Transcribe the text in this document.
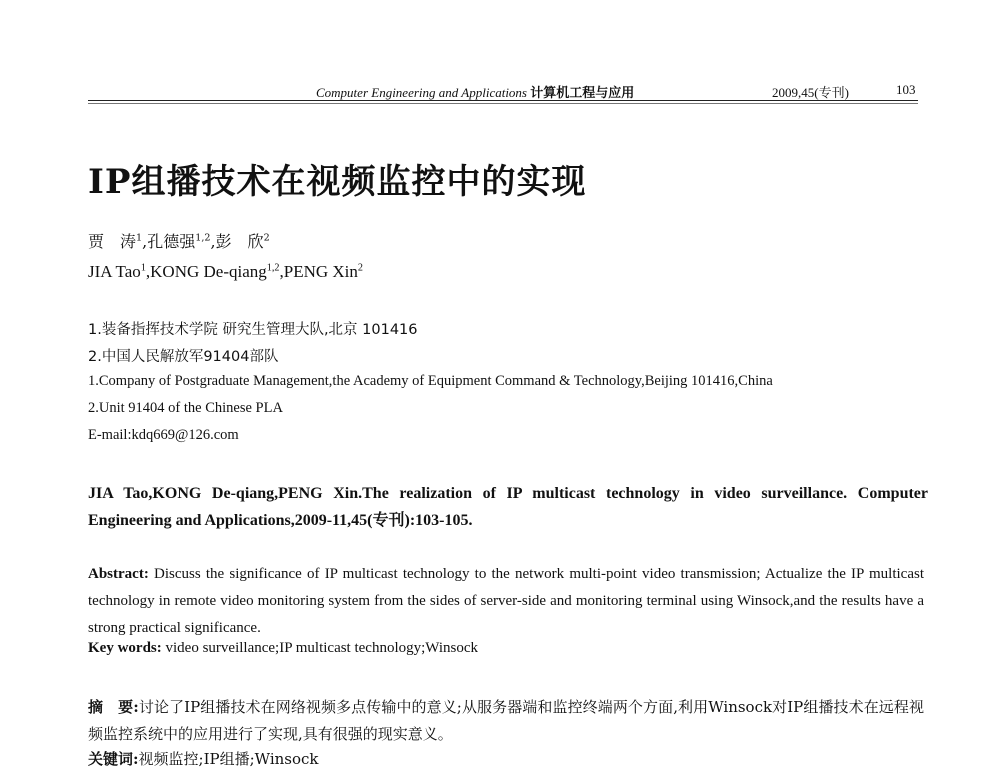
Computer Engineering and Applications 计算机工程与应用	2009,45(专刊)	103
IP组播技术在视频监控中的实现
贾　涛$^1$,孔德强$^{1,2}$,彭　欣$^2$
JIA Tao$^1$,KONG De-qiang$^{1,2}$,PENG Xin$^2$
1.装备指挥技术学院 研究生管理大队,北京 101416
2.中国人民解放军91404部队
1.Company of Postgraduate Management,the Academy of Equipment Command & Technology,Beijing 101416,China
2.Unit 91404 of the Chinese PLA
E-mail:kdq669@126.com
JIA Tao,KONG De-qiang,PENG Xin.The realization of IP multicast technology in video surveillance. Computer Engineering and Applications,2009-11,45(专刊):103-105.
Abstract: Discuss the significance of IP multicast technology to the network multi-point video transmission; Actualize the IP multicast technology in remote video monitoring system from the sides of server-side and monitoring terminal using Winsock,and the results have a strong practical significance.
Key words: video surveillance;IP multicast technology;Winsock
摘　要:讨论了IP组播技术在网络视频多点传输中的意义;从服务器端和监控终端两个方面,利用Winsock对IP组播技术在远程视频监控系统中的应用进行了实现,具有很强的现实意义。
关键词:视频监控;IP组播;Winsock
